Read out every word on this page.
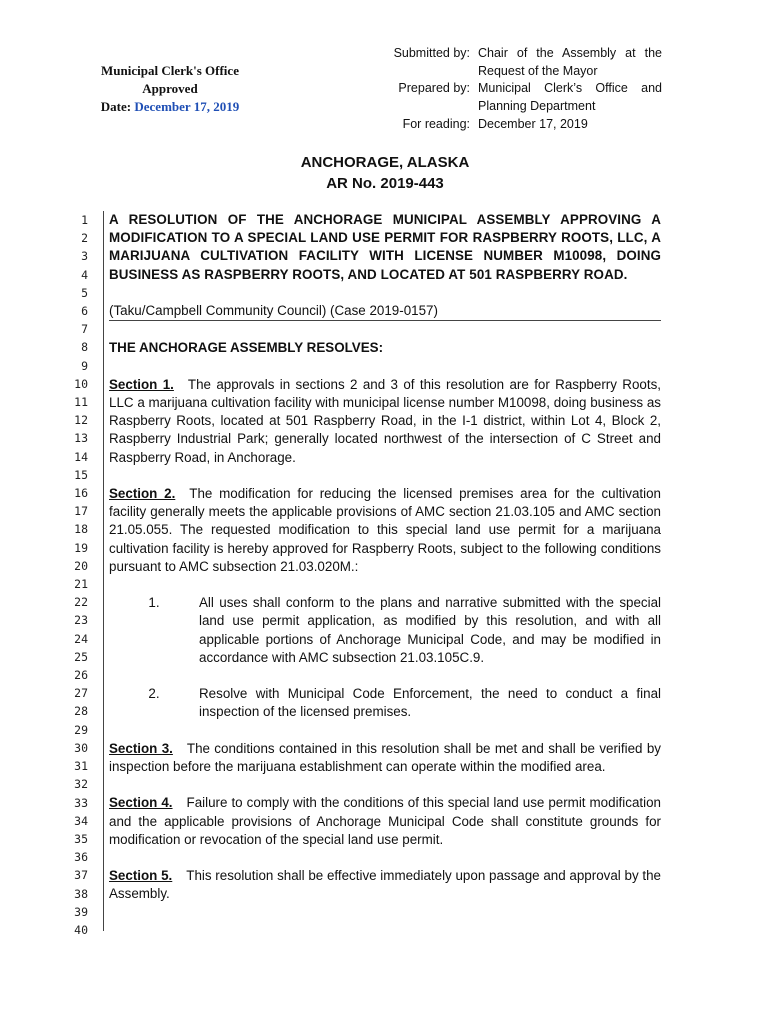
Municipal Clerk's Office
Approved
Date: December 17, 2019
Submitted by: Chair of the Assembly at the
Request of the Mayor
Prepared by: Municipal Clerk’s Office and
Planning Department
For reading: December 17, 2019
ANCHORAGE, ALASKA
AR No. 2019-443
1
2
3
4
5
6
7
8
9
10
11
12
13
14
15
16
17
18
19
20
21
22
23
24
25
26
27
28
29
30
31
32
33
34
35
36
37
38
39
40

A RESOLUTION OF THE ANCHORAGE MUNICIPAL ASSEMBLY APPROVING A MODIFICATION TO A SPECIAL LAND USE PERMIT FOR RASPBERRY ROOTS, LLC, A MARIJUANA CULTIVATION FACILITY WITH LICENSE NUMBER M10098, DOING BUSINESS AS RASPBERRY ROOTS, AND LOCATED AT 501 RASPBERRY ROAD.

(Taku/Campbell Community Council) (Case 2019-0157)

THE ANCHORAGE ASSEMBLY RESOLVES:

Section 1. The approvals in sections 2 and 3 of this resolution are for Raspberry Roots, LLC a marijuana cultivation facility with municipal license number M10098, doing business as Raspberry Roots, located at 501 Raspberry Road, in the I-1 district, within Lot 4, Block 2, Raspberry Industrial Park; generally located northwest of the intersection of C Street and Raspberry Road, in Anchorage.

Section 2. The modification for reducing the licensed premises area for the cultivation facility generally meets the applicable provisions of AMC section 21.03.105 and AMC section 21.05.055. The requested modification to this special land use permit for a marijuana cultivation facility is hereby approved for Raspberry Roots, subject to the following conditions pursuant to AMC subsection 21.03.020M.:

1.	All uses shall conform to the plans and narrative submitted with the special land use permit application, as modified by this resolution, and with all applicable portions of Anchorage Municipal Code, and may be modified in accordance with AMC subsection 21.03.105C.9.
2.	Resolve with Municipal Code Enforcement, the need to conduct a final inspection of the licensed premises.

Section 3. The conditions contained in this resolution shall be met and shall be verified by inspection before the marijuana establishment can operate within the modified area.

Section 4. Failure to comply with the conditions of this special land use permit modification and the applicable provisions of Anchorage Municipal Code shall constitute grounds for modification or revocation of the special land use permit.

Section 5. This resolution shall be effective immediately upon passage and approval by the Assembly.
